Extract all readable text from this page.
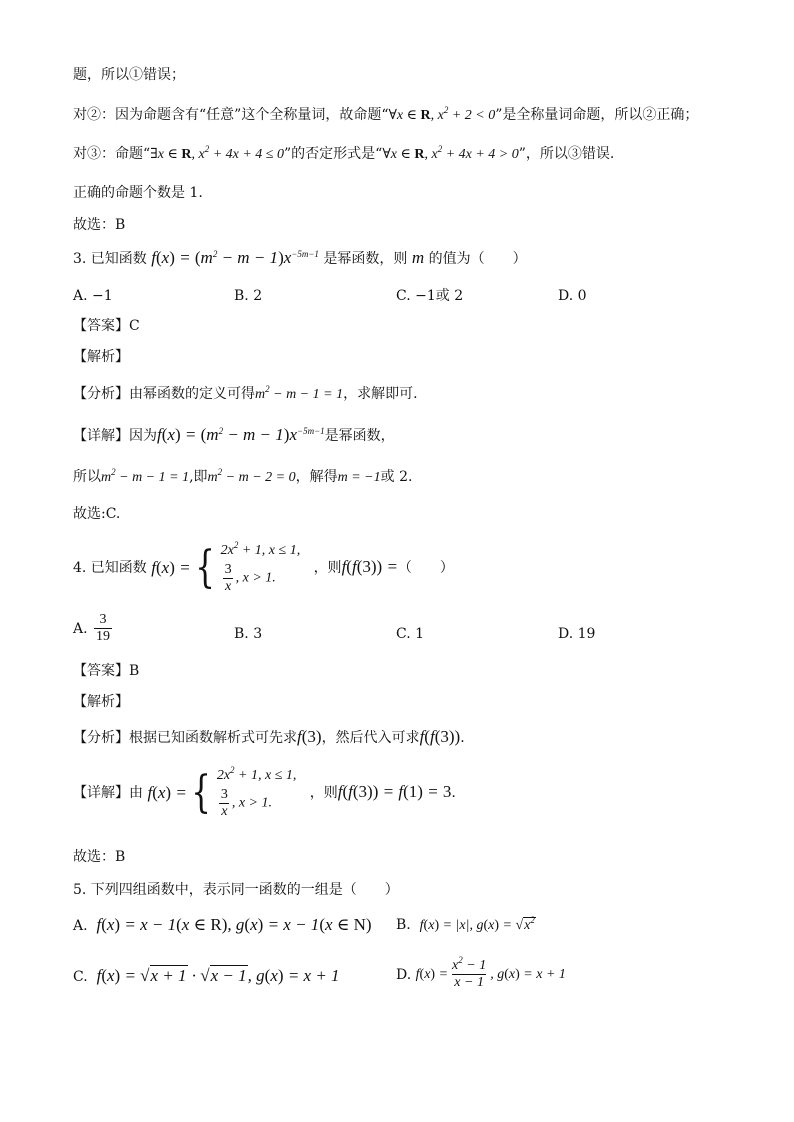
题，所以①错误；
对②：因为命题含有“任意”这个全称量词，故命题“∀x ∈ R, $x^2 + 2 < 0$”是全称量词命题，所以②正确；
对③：命题“∃x ∈ R, $x^2 + 4x + 4 \le 0$”的否定形式是“∀x ∈ R, $x^2 + 4x + 4 > 0$”，所以③错误.
正确的命题个数是 1.
故选：B
3. 已知函数 $f(x) = (m^2 - m - 1)x^{-5m-1}$ 是幂函数，则 m 的值为（　　）
A. −1	B. 2	C. −1或 2	D. 0
【答案】C
【解析】
【分析】由幂函数的定义可得$m^2 - m - 1 = 1$，求解即可.
【详解】因为$f(x) = (m^2 - m - 1)x^{-5m-1}$是幂函数，
所以$m^2 - m - 1 = 1$,即$m^2 - m - 2 = 0$，解得m = −1或 2.
故选:C.
4. 已知函数
f(x) = { $2x^2 + 1$, x ≤ 1,
$\frac{3}{x}$ , x > 1.
，则f(f(3)) =（　　）
A.
$\frac{3}{19}$	B. 3	C. 1	D. 19
【答案】B
【解析】
【分析】根据已知函数解析式可先求f(3)，然后代入可求f(f(3)).
【详解】由
f(x) = { $2x^2 + 1$, x ≤ 1,
$\frac{3}{x}$ , x > 1.
，则f(f(3)) = f(1) = 3.
故选：B
5. 下列四组函数中，表示同一函数的一组是（　　）
A. f(x) = x − 1(x ∈ R), g(x) = x − 1(x ∈ N) B. f(x) = |x|, $g(x) = √x^2$
C. f(x) = √x + 1 · √x − 1, g(x) = x + 1	D.
$f(x) = \frac{x^2 - 1}{x - 1}$ , g(x) = x + 1
